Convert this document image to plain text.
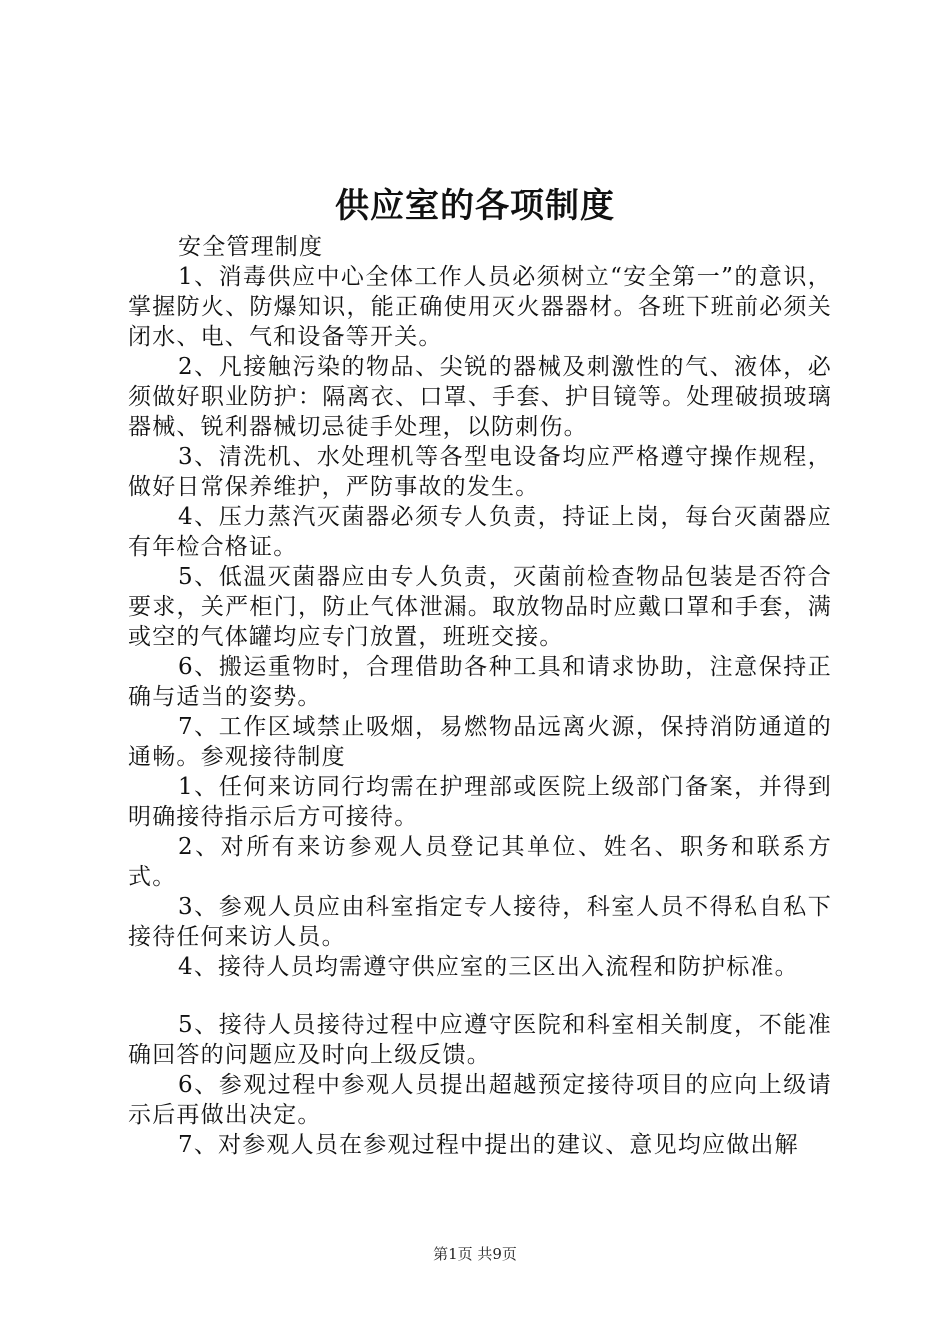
供应室的各项制度

安全管理制度

1、消毒供应中心全体工作人员必须树立“安全第一”的意识，掌握防火、防爆知识，能正确使用灭火器器材。各班下班前必须关闭水、电、气和设备等开关。

2、凡接触污染的物品、尖锐的器械及刺激性的气、液体，必须做好职业防护：隔离衣、口罩、手套、护目镜等。处理破损玻璃器械、锐利器械切忌徒手处理，以防刺伤。

3、清洗机、水处理机等各型电设备均应严格遵守操作规程，做好日常保养维护，严防事故的发生。

4、压力蒸汽灭菌器必须专人负责，持证上岗，每台灭菌器应有年检合格证。

5、低温灭菌器应由专人负责，灭菌前检查物品包装是否符合要求，关严柜门，防止气体泄漏。取放物品时应戴口罩和手套，满或空的气体罐均应专门放置，班班交接。

6、搬运重物时，合理借助各种工具和请求协助，注意保持正确与适当的姿势。

7、工作区域禁止吸烟，易燃物品远离火源，保持消防通道的通畅。参观接待制度

1、任何来访同行均需在护理部或医院上级部门备案，并得到明确接待指示后方可接待。

2、对所有来访参观人员登记其单位、姓名、职务和联系方式。

3、参观人员应由科室指定专人接待，科室人员不得私自私下接待任何来访人员。

4、接待人员均需遵守供应室的三区出入流程和防护标准。

5、接待人员接待过程中应遵守医院和科室相关制度，不能准确回答的问题应及时向上级反馈。

6、参观过程中参观人员提出超越预定接待项目的应向上级请示后再做出决定。

7、对参观人员在参观过程中提出的建议、意见均应做出解

第1页 共9页
